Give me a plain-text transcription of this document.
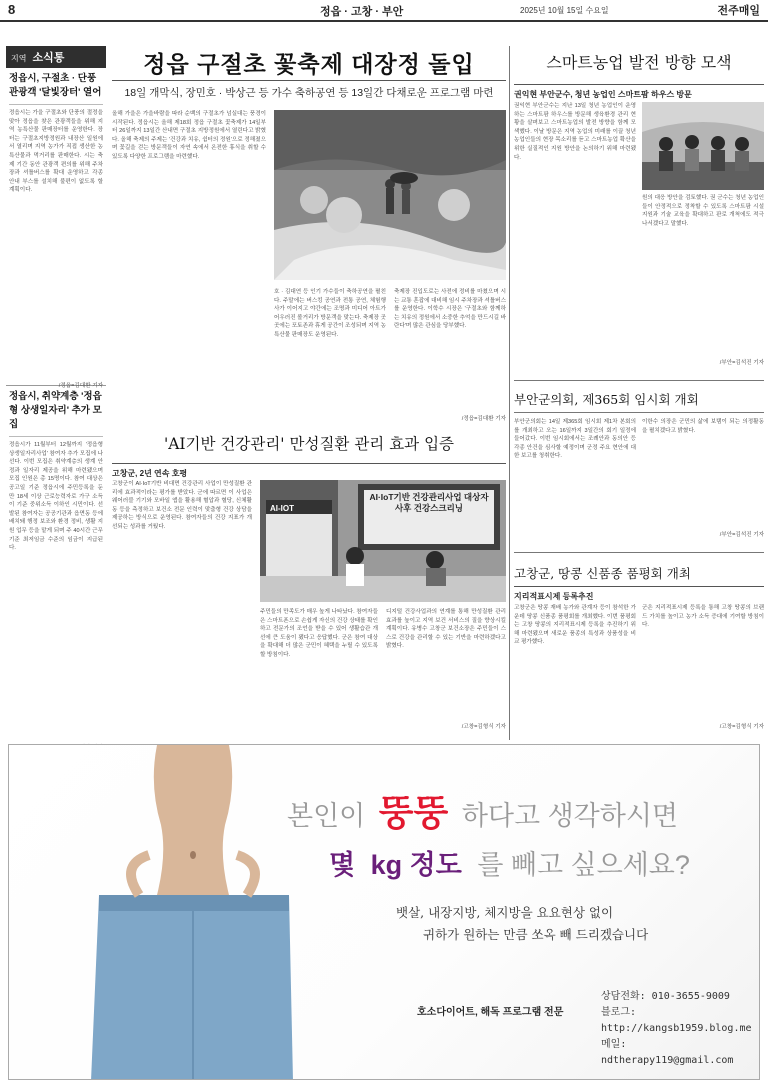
8	정읍 · 고창 · 부안	2025년 10월 15일 수요일	전주매일
지역 소식통
정읍시, 구절초 · 단풍 관광객 '달빛장터' 열어
정읍시는 가을 구절초와 단풍의 절정을 맞아 정읍을 찾은 관광객들을 위해 지역 농특산물 판매장터를 운영한다. 장터는 구절초지방정원과 내장산 일원에서 열리며 지역 농가가 직접 생산한 농특산물과 먹거리를 판매한다. 시는 축제 기간 동안 관광객 편의를 위해 주차장과 셔틀버스를 확대 운영하고 각종 안내 부스를 설치해 불편이 없도록 할 계획이다.
/정읍=김대환 기자
정읍시, 취약계층 '정읍형 상생일자리' 추가 모집
정읍시가 11월부터 12월까지 '정읍형 상생일자리사업' 참여자 추가 모집에 나선다. 이번 모집은 취약계층의 생계 안정과 일자리 제공을 위해 마련됐으며 모집 인원은 총 15명이다. 참여 대상은 공고일 기준 정읍시에 주민등록을 둔 만 18세 이상 근로능력자로 가구 소득이 기준 중위소득 이하인 시민이다. 선발된 참여자는 공공기관과 읍면동 등에 배치돼 행정 보조와 환경 정비, 생활 지원 업무 등을 맡게 되며 주 40시간 근무 기준 최저임금 수준의 임금이 지급된다.
정읍 구절초 꽃축제 대장정 돌입
18일 개막식, 장민호 · 박상근 등 가수 축하공연 등 13일간 다채로운 프로그램 마련
올해 가을은 가을바람을 따라 순백의 구절초가 넘실대는 풍경이 시작된다. 정읍시는 올해 제18회 정읍 구절초 꽃축제가 14일부터 26일까지 13일간 산내면 구절초 지방정원에서 열린다고 밝혔다. 올해 축제의 주제는 '건강과 치유, 쉼터의 정원'으로 정해졌으며 꽃길을 걷는 방문객들이 자연 속에서 온전한 휴식을 취할 수 있도록 다양한 프로그램을 마련했다.
호 · 김대연 등 인기 가수들이 축하공연을 펼친다. 주말에는 버스킹 공연과 전통 공연, 체험행사가 이어지고 야간에는 조명과 미디어 아트가 어우러진 볼거리가 방문객을 맞는다. 축제장 곳곳에는 포토존과 휴게 공간이 조성되며 지역 농특산물 판매장도 운영된다.
축제장 진입도로는 사전에 정비를 마쳤으며 시는 교통 혼잡에 대비해 임시 주차장과 셔틀버스를 운영한다. 이학수 시장은 '구절초와 함께하는 치유의 정원에서 소중한 추억을 만드시길 바란다'며 많은 관심을 당부했다.
/정읍=김대환 기자
'AI기반 건강관리' 만성질환 관리 효과 입증
고창군, 2년 연속 호평
고창군이 AI·IoT기반 비대면 건강관리 사업이 만성질환 관리에 효과적이라는 평가를 받았다. 군에 따르면 이 사업은 웨어러블 기기와 모바일 앱을 활용해 혈압과 혈당, 신체활동 등을 측정하고 보건소 전문 인력이 맞춤형 건강 상담을 제공하는 방식으로 운영된다. 참여자들의 건강 지표가 개선되는 성과를 거뒀다.
AI-IOT
AI·IoT기반 건강관리사업 대상자 사후 건강스크리닝
주민들의 만족도가 매우 높게 나타났다. 참여자들은 스마트폰으로 손쉽게 자신의 건강 상태를 확인하고 전문가의 조언을 받을 수 있어 생활습관 개선에 큰 도움이 됐다고 응답했다. 군은 참여 대상을 확대해 더 많은 군민이 혜택을 누릴 수 있도록 할 방침이다.
디지털 건강사업과의 연계를 통해 만성질환 관리 효과를 높이고 지역 보건 서비스의 질을 향상시킬 계획이다. 유병수 고창군 보건소장은 주민들이 스스로 건강을 관리할 수 있는 기반을 마련하겠다고 밝혔다.
/고창=김형식 기자
스마트농업 발전 방향 모색
권익현 부안군수, 청년 농업인 스마트팜 하우스 방문
권익현 부안군수는 지난 13일 청년 농업인이 운영하는 스마트팜 하우스를 방문해 생육환경 관리 현황을 살펴보고 스마트농업의 발전 방향을 함께 모색했다. 이날 방문은 지역 농업의 미래를 이끌 청년 농업인들의 현장 목소리를 듣고 스마트농업 확산을 위한 실질적인 지원 방안을 논의하기 위해 마련됐다.
원의 대응 방안을 검토했다. 권 군수는 청년 농업인들이 안정적으로 정착할 수 있도록 스마트팜 시설 지원과 기술 교육을 확대하고 판로 개척에도 적극 나서겠다고 말했다.
/부안=김석진 기자
부안군의회, 제365회 임시회 개회
부안군의회는 14일 제365회 임시회 제1차 본회의를 개최하고 오는 16일까지 3일간의 회기 일정에 들어갔다. 이번 임시회에서는 조례안과 동의안 등 각종 안건을 심사할 예정이며 군정 주요 현안에 대한 보고를 청취한다.
이한수 의장은 군민의 삶에 보탬이 되는 의정활동을 펼치겠다고 밝혔다.
/부안=김석진 기자
고창군, 땅콩 신품종 품평회 개최
지리적표시제 등록추진
고창군은 땅콩 재배 농가와 관계자 등이 참석한 가운데 땅콩 신품종 품평회를 개최했다. 이번 품평회는 고창 땅콩의 지리적표시제 등록을 추진하기 위해 마련됐으며 새로운 품종의 특성과 상품성을 비교 평가했다.
군은 지리적표시제 등록을 통해 고창 땅콩의 브랜드 가치를 높이고 농가 소득 증대에 기여할 방침이다.
/고창=김형식 기자
본인이 뚱뚱 하다고 생각하시면
몇 kg 정도 를 빼고 싶으세요?
뱃살, 내장지방, 체지방을 요요현상 없이
귀하가 원하는 만큼 쏘옥 빼 드리겠습니다
호소다이어트, 해독 프로그램 전문
상담전화: 010-3655-9009
블로그: http://kangsb1959.blog.me
메일: ndtherapy119@gmail.com
